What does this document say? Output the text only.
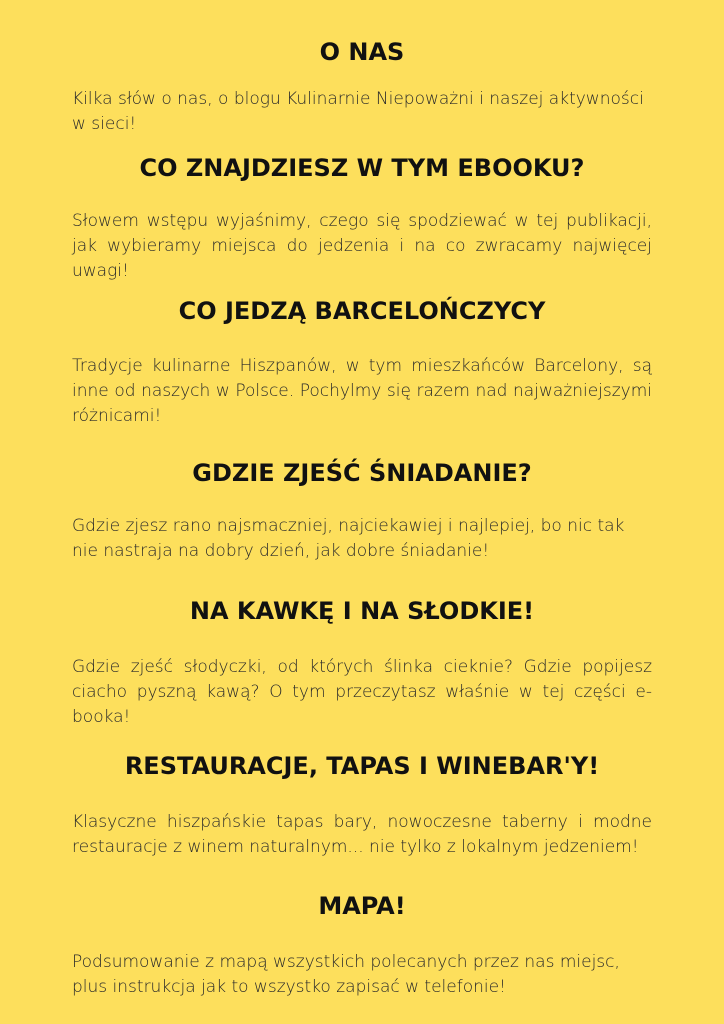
O NAS

Kilka słów o nas, o blogu Kulinarnie Niepoważni i naszej aktywności w sieci!

CO ZNAJDZIESZ W TYM EBOOKU?

Słowem wstępu wyjaśnimy, czego się spodziewać w tej publikacji, jak wybieramy miejsca do jedzenia i na co zwracamy najwięcej uwagi!

CO JEDZĄ BARCELOŃCZYCY

Tradycje kulinarne Hiszpanów, w tym mieszkańców Barcelony, są inne od naszych w Polsce. Pochylmy się razem nad najważniejszymi różnicami!

GDZIE ZJEŚĆ ŚNIADANIE?

Gdzie zjesz rano najsmaczniej, najciekawiej i najlepiej, bo nic tak nie nastraja na dobry dzień, jak dobre śniadanie!

NA KAWKĘ I NA SŁODKIE!

Gdzie zjeść słodyczki, od których ślinka cieknie? Gdzie popijesz ciacho pyszną kawą? O tym przeczytasz właśnie w tej części e-booka!

RESTAURACJE, TAPAS I WINEBAR'Y!

Klasyczne hiszpańskie tapas bary, nowoczesne taberny i modne restauracje z winem naturalnym... nie tylko z lokalnym jedzeniem!

MAPA!

Podsumowanie z mapą wszystkich polecanych przez nas miejsc, plus instrukcja jak to wszystko zapisać w telefonie!
